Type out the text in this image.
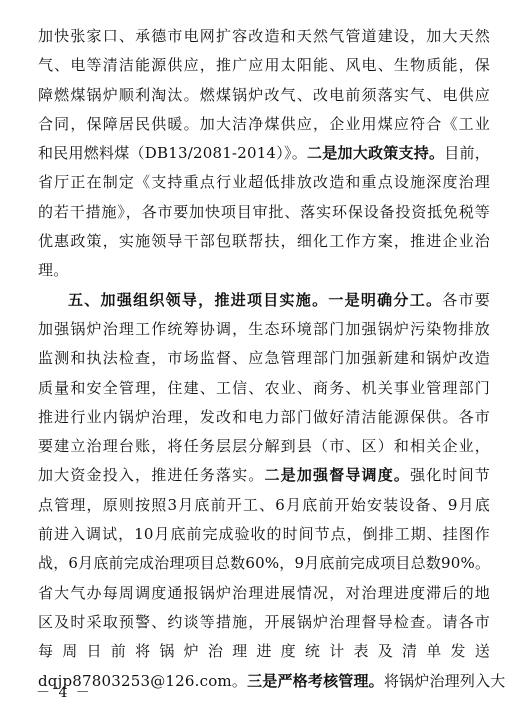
加快张家口、承德市电网扩容改造和天然气管道建设，加大天然
气、电等清洁能源供应，推广应用太阳能、风电、生物质能，保
障燃煤锅炉顺利淘汰。燃煤锅炉改气、改电前须落实气、电供应
合同，保障居民供暖。加大洁净煤供应，企业用煤应符合《工业
和民用燃料煤（DB13/2081-2014）》。二是加大政策支持。目前，
省厅正在制定《支持重点行业超低排放改造和重点设施深度治理
的若干措施》，各市要加快项目审批、落实环保设备投资抵免税等
优惠政策，实施领导干部包联帮扶，细化工作方案，推进企业治
理。
五、加强组织领导，推进项目实施。一是明确分工。各市要
加强锅炉治理工作统筹协调，生态环境部门加强锅炉污染物排放
监测和执法检查，市场监督、应急管理部门加强新建和锅炉改造
质量和安全管理，住建、工信、农业、商务、机关事业管理部门
推进行业内锅炉治理，发改和电力部门做好清洁能源保供。各市
要建立治理台账，将任务层层分解到县（市、区）和相关企业，
加大资金投入，推进任务落实。二是加强督导调度。强化时间节
点管理，原则按照3月底前开工、6月底前开始安装设备、9月底
前进入调试，10月底前完成验收的时间节点，倒排工期、挂图作
战，6月底前完成治理项目总数60%，9月底前完成项目总数90%。
省大气办每周调度通报锅炉治理进展情况，对治理进度滞后的地
区及时采取预警、约谈等措施，开展锅炉治理督导检查。请各市
每周日前将锅炉治理进度统计表及清单发送
dqjp87803253@126.com。三是严格考核管理。将锅炉治理列入大
－ 4 －
